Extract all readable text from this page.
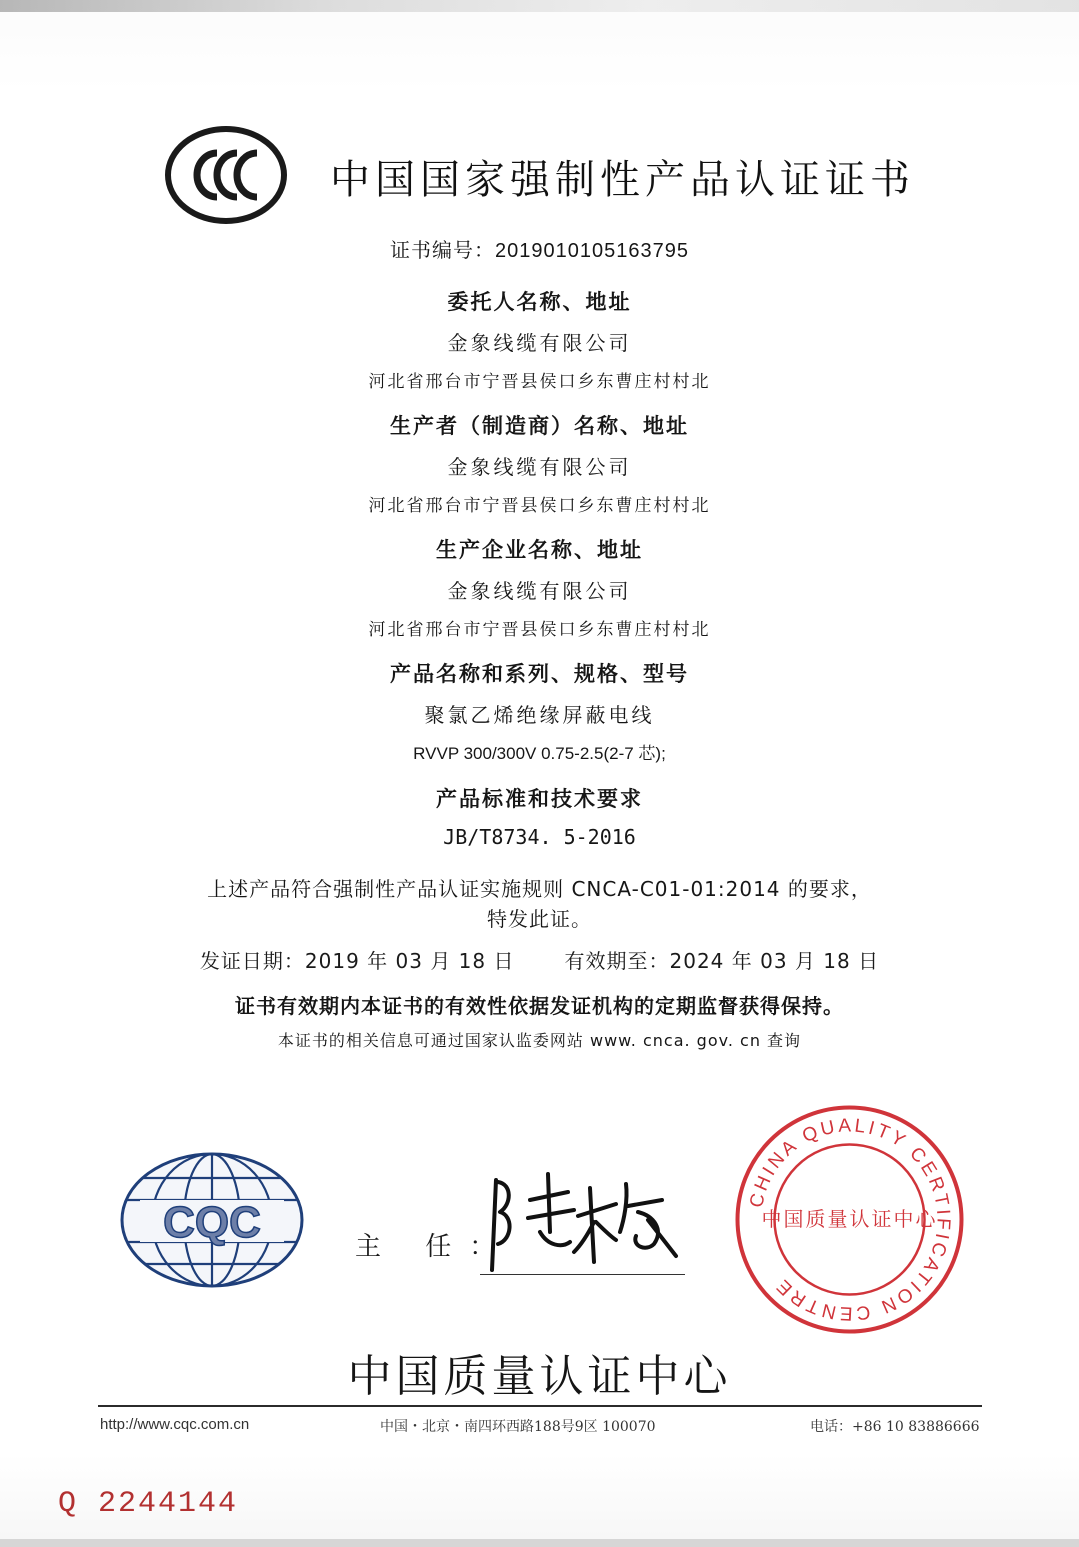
CCC
中国国家强制性产品认证证书
证书编号：2019010105163795
委托人名称、地址
金象线缆有限公司
河北省邢台市宁晋县侯口乡东曹庄村村北
生产者（制造商）名称、地址
金象线缆有限公司
河北省邢台市宁晋县侯口乡东曹庄村村北
生产企业名称、地址
金象线缆有限公司
河北省邢台市宁晋县侯口乡东曹庄村村北
产品名称和系列、规格、型号
聚氯乙烯绝缘屏蔽电线
RVVP 300/300V 0.75-2.5(2-7 芯);
产品标准和技术要求
JB/T8734. 5-2016
上述产品符合强制性产品认证实施规则 CNCA-C01-01:2014 的要求，
特发此证。
发证日期：2019 年 03 月 18 日	有效期至：2024 年 03 月 18 日
证书有效期内本证书的有效性依据发证机构的定期监督获得保持。
本证书的相关信息可通过国家认监委网站 www. cnca. gov. cn 查询
CQC	主 任：
CHINA QUALITY CERTIFICATION CENTRE
中国质量认证中心
中国质量认证中心
http://www.cqc.com.cn	中国・北京・南四环西路188号9区 100070	电话：+86 10 83886666
Q 2244144
